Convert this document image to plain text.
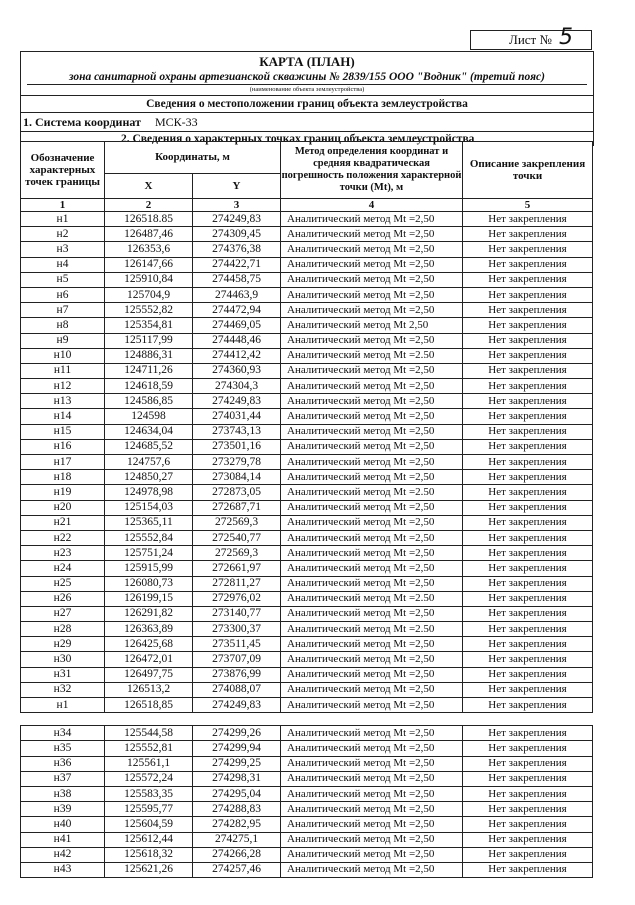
Лист № 5
КАРТА (ПЛАН)
зона санитарной охраны артезианской скважины № 2839/155 ООО "Водник" (третий пояс)
(наименование объекта землеустройства)
Сведения о местоположении границ объекта землеустройства
1. Система координат МСК-33
2. Сведения о характерных точках границ объекта землеустройства
Обозначение характерных точек границы	Координаты, м		Метод определения координат и средняя квадратическая погрешность положения характерной точки (Mt), м	Описание закрепления точки
	X	Y		
1	2	3	4	5
н1	126518.85	274249,83	Аналитический метод Mt =2,50	Нет закрепления
н2	126487,46	274309,45	Аналитический метод Mt =2,50	Нет закрепления
н3	126353,6	274376,38	Аналитический метод Mt =2,50	Нет закрепления
н4	126147,66	274422,71	Аналитический метод Mt =2,50	Нет закрепления
н5	125910,84	274458,75	Аналитический метод Mt =2,50	Нет закрепления
н6	125704,9	274463,9	Аналитический метод Mt =2,50	Нет закрепления
н7	125552,82	274472,94	Аналитический метод Mt =2,50	Нет закрепления
н8	125354,81	274469,05	Аналитический метод Mt 2,50	Нет закрепления
н9	125117,99	274448,46	Аналитический метод Mt =2,50	Нет закрепления
н10	124886,31	274412,42	Аналитический метод Mt =2.50	Нет закрепления
н11	124711,26	274360,93	Аналитический метод Mt =2,50	Нет закрепления
н12	124618,59	274304,3	Аналитический метод Mt =2,50	Нет закрепления
н13	124586,85	274249,83	Аналитический метод Mt =2,50	Нет закрепления
н14	124598	274031,44	Аналитический метод Mt =2,50	Нет закрепления
н15	124634,04	273743,13	Аналитический метод Mt =2,50	Нет закрепления
н16	124685,52	273501,16	Аналитический метод Mt =2,50	Нет закрепления
н17	124757,6	273279,78	Аналитический метод Mt =2,50	Нет закрепления
н18	124850,27	273084,14	Аналитический метод Mt =2,50	Нет закрепления
н19	124978,98	272873,05	Аналитический метод Mt =2.50	Нет закрепления
н20	125154,03	272687,71	Аналитический метод Mt =2,50	Нет закрепления
н21	125365,11	272569,3	Аналитический метод Mt =2,50	Нет закрепления
н22	125552,84	272540,77	Аналитический метод Mt =2,50	Нет закрепления
н23	125751,24	272569,3	Аналитический метод Mt =2,50	Нет закрепления
н24	125915,99	272661,97	Аналитический метод Mt =2,50	Нет закрепления
н25	126080,73	272811,27	Аналитический метод Mt =2,50	Нет закрепления
н26	126199,15	272976,02	Аналитический метод Mt =2.50	Нет закрепления
н27	126291,82	273140,77	Аналитический метод Mt =2,50	Нет закрепления
н28	126363,89	273300,37	Аналитический метод Mt =2.50	Нет закрепления
н29	126425,68	273511,45	Аналитический метод Mt =2,50	Нет закрепления
н30	126472,01	273707,09	Аналитический метод Mt =2,50	Нет закрепления
н31	126497,75	273876,99	Аналитический метод Mt =2,50	Нет закрепления
н32	126513,2	274088,07	Аналитический метод Mt =2,50	Нет закрепления
н1	126518,85	274249,83	Аналитический метод Mt =2,50	Нет закрепления

н34	125544,58	274299,26	Аналитический метод Mt =2,50	Нет закрепления
н35	125552,81	274299,94	Аналитический метод Mt =2,50	Нет закрепления
н36	125561,1	274299,25	Аналитический метод Mt =2,50	Нет закрепления
н37	125572,24	274298,31	Аналитический метод Mt =2,50	Нет закрепления
н38	125583,35	274295,04	Аналитический метод Mt =2,50	Нет закрепления
н39	125595,77	274288,83	Аналитический метод Mt =2,50	Нет закрепления
н40	125604,59	274282,95	Аналитический метод Mt =2,50	Нет закрепления
н41	125612,44	274275,1	Аналитический метод Mt =2,50	Нет закрепления
н42	125618,32	274266,28	Аналитический метод Mt =2,50	Нет закрепления
н43	125621,26	274257,46	Аналитический метод Mt =2,50	Нет закрепления
